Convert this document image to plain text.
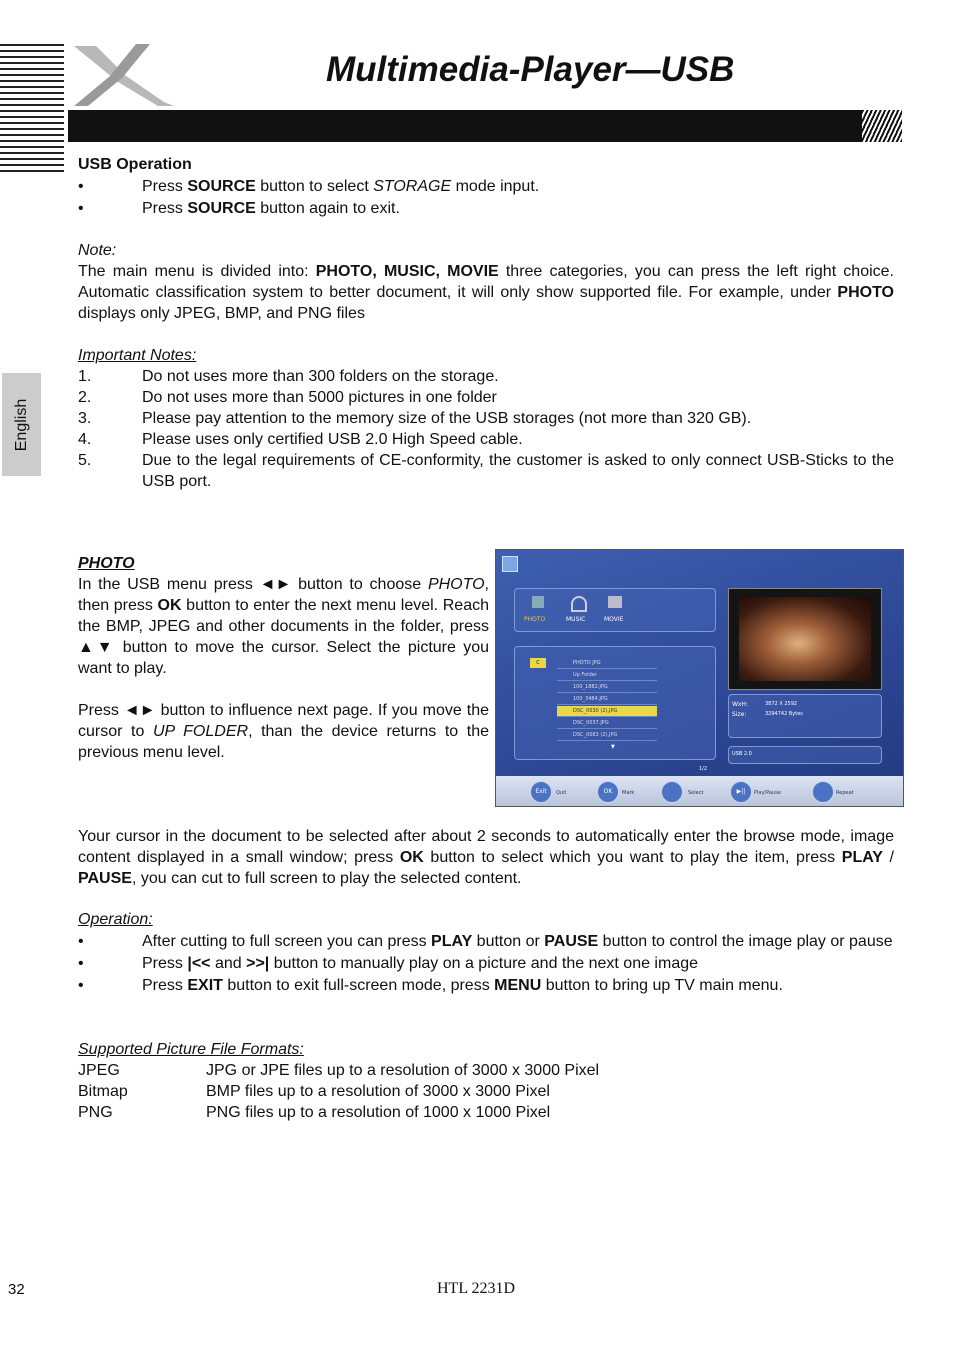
Multimedia-Player—USB
English

USB Operation

•	Press SOURCE button to select STORAGE mode input.

•	Press SOURCE button again to exit.

Note:

The main menu is divided into: PHOTO, MUSIC, MOVIE three categories, you can press the left right choice. Automatic classification system to better document, it will only show supported file. For example, under PHOTO displays only JPEG, BMP, and PNG files

Important Notes:

1.	Do not uses more than 300 folders on the storage.

2.	Do not uses more than 5000 pictures in one folder

3.	Please pay attention to the memory size of the USB storages (not more than 320 GB).

4.	Please uses only certified USB 2.0 High Speed cable.

5.	Due to the legal requirements of CE-conformity, the customer is asked to only connect USB-Sticks to the USB port.

PHOTO

In the USB menu press ◄► button to choose PHOTO, then press OK button to enter the next menu level. Reach the BMP, JPEG and other documents in the folder, press ▲▼ button to move the cursor. Select the picture you want to play.

Press ◄► button to influence next page. If you move the cursor to UP FOLDER, than the device returns to the previous menu level.

PHOTO	MUSIC	MOVIE
C	PHOTO JPG
Up Folder
100_1882.JPG
100_3484.JPG
DSC_0030 (2).JPG
DSC_0037.JPG
DSC_0083 (2).JPG
▼
1/2
WxH:	3872 X 2592
Size:	3294742 Bytes
USB 2.0
Exit	Quit	OK	Mark	Select	▶||	Play/Pause	Repeat

Your cursor in the document to be selected after about 2 seconds to automatically enter the browse mode, image content displayed in a small window; press OK button to select which you want to play the item, press PLAY / PAUSE, you can cut to full screen to play the selected content.

Operation:

•	After cutting to full screen you can press PLAY button or PAUSE button to control the image play or pause

•	Press |<< and >>| button to manually play on a picture and the next one image

•	Press EXIT button to exit full-screen mode, press MENU button to bring up TV main menu.

Supported Picture File Formats:

JPEG	JPG or JPE files up to a resolution of 3000 x 3000 Pixel
Bitmap	BMP files up to a resolution of 3000 x 3000 Pixel
PNG	PNG files up to a resolution of 1000 x 1000 Pixel
32	HTL 2231D
